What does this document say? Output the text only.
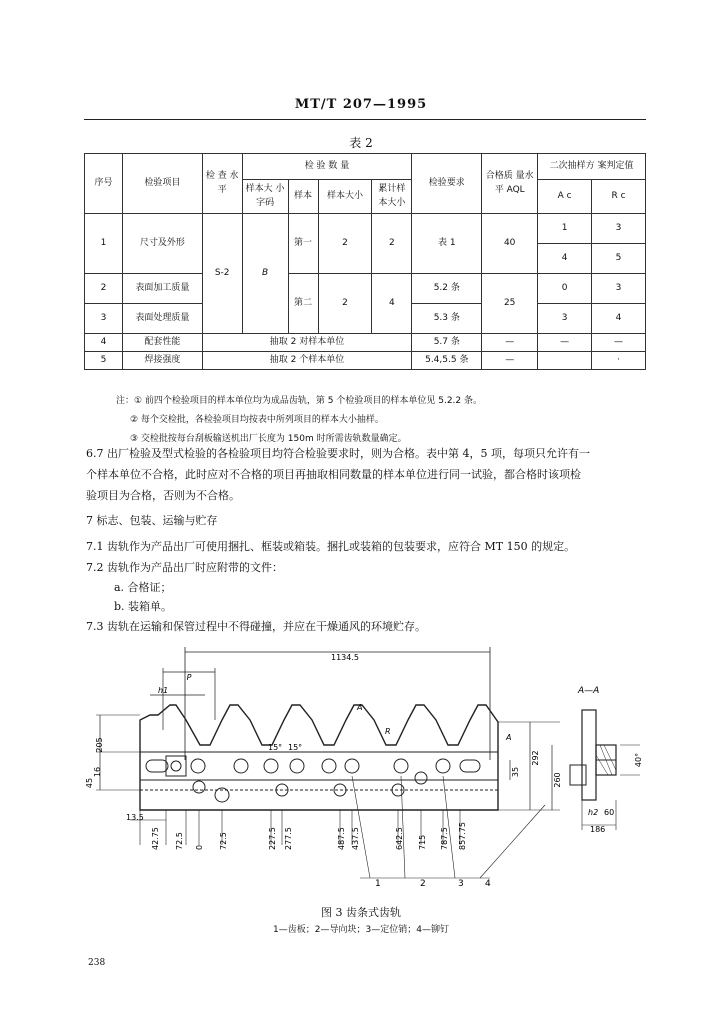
MT/T 207—1995
表 2
序号	检验项目	检 查 水 平	检 验 数 量				检验要求	合格质 量水平 AQL	二次抽样方 案判定值	
			样本大 小字码	样本	样本大小	累计样 本大小			A c	R c
1	尺寸及外形	S-2	B	第一	2	2	表 1	40	1	3
									4	5
2	表面加工质量			第二	2	4	5.2 条	25	0	3
3	表面处理质量						5.3 条		3	4
4	配套性能	抽取 2 对样本单位					5.7 条	—	—	—
5	焊接强度	抽取 2 个样本单位					5.4,5.5 条	—		·
注：① 前四个检验项目的样本单位均为成品齿轨，第 5 个检验项目的样本单位见 5.2.2 条。
② 每个交检批，各检验项目均按表中所列项目的样本大小抽样。
③ 交检批按每台刮板输送机出厂长度为 150m 时所需齿轨数量确定。
6.7 出厂检验及型式检验的各检验项目均符合检验要求时，则为合格。表中第 4，5 项，每项只允许有一
个样本单位不合格，此时应对不合格的项目再抽取相同数量的样本单位进行同一试验，都合格时该项检
验项目为合格，否则为不合格。
7 标志、包装、运输与贮存
7.1 齿轨作为产品出厂可使用捆扎、框装或箱装。捆扎或装箱的包装要求，应符合 MT 150 的规定。
7.2 齿轨作为产品出厂时应附带的文件：
a. 合格证；
b. 装箱单。
7.3 齿轨在运输和保管过程中不得碰撞，并应在干燥通风的环境贮存。
1134.5
P
h1
15° 15°
A
R
A—A
205
45
16
292
260
35
A
13.5
42.75 72.5 0 72.5	227.5 277.5	487.5 437.5	642.5 715 787.5 857.75
h2 60
186
40°
1	2	3 4
图 3 齿条式齿轨
1—齿板；2—导向块；3—定位销；4—铆钉
238
